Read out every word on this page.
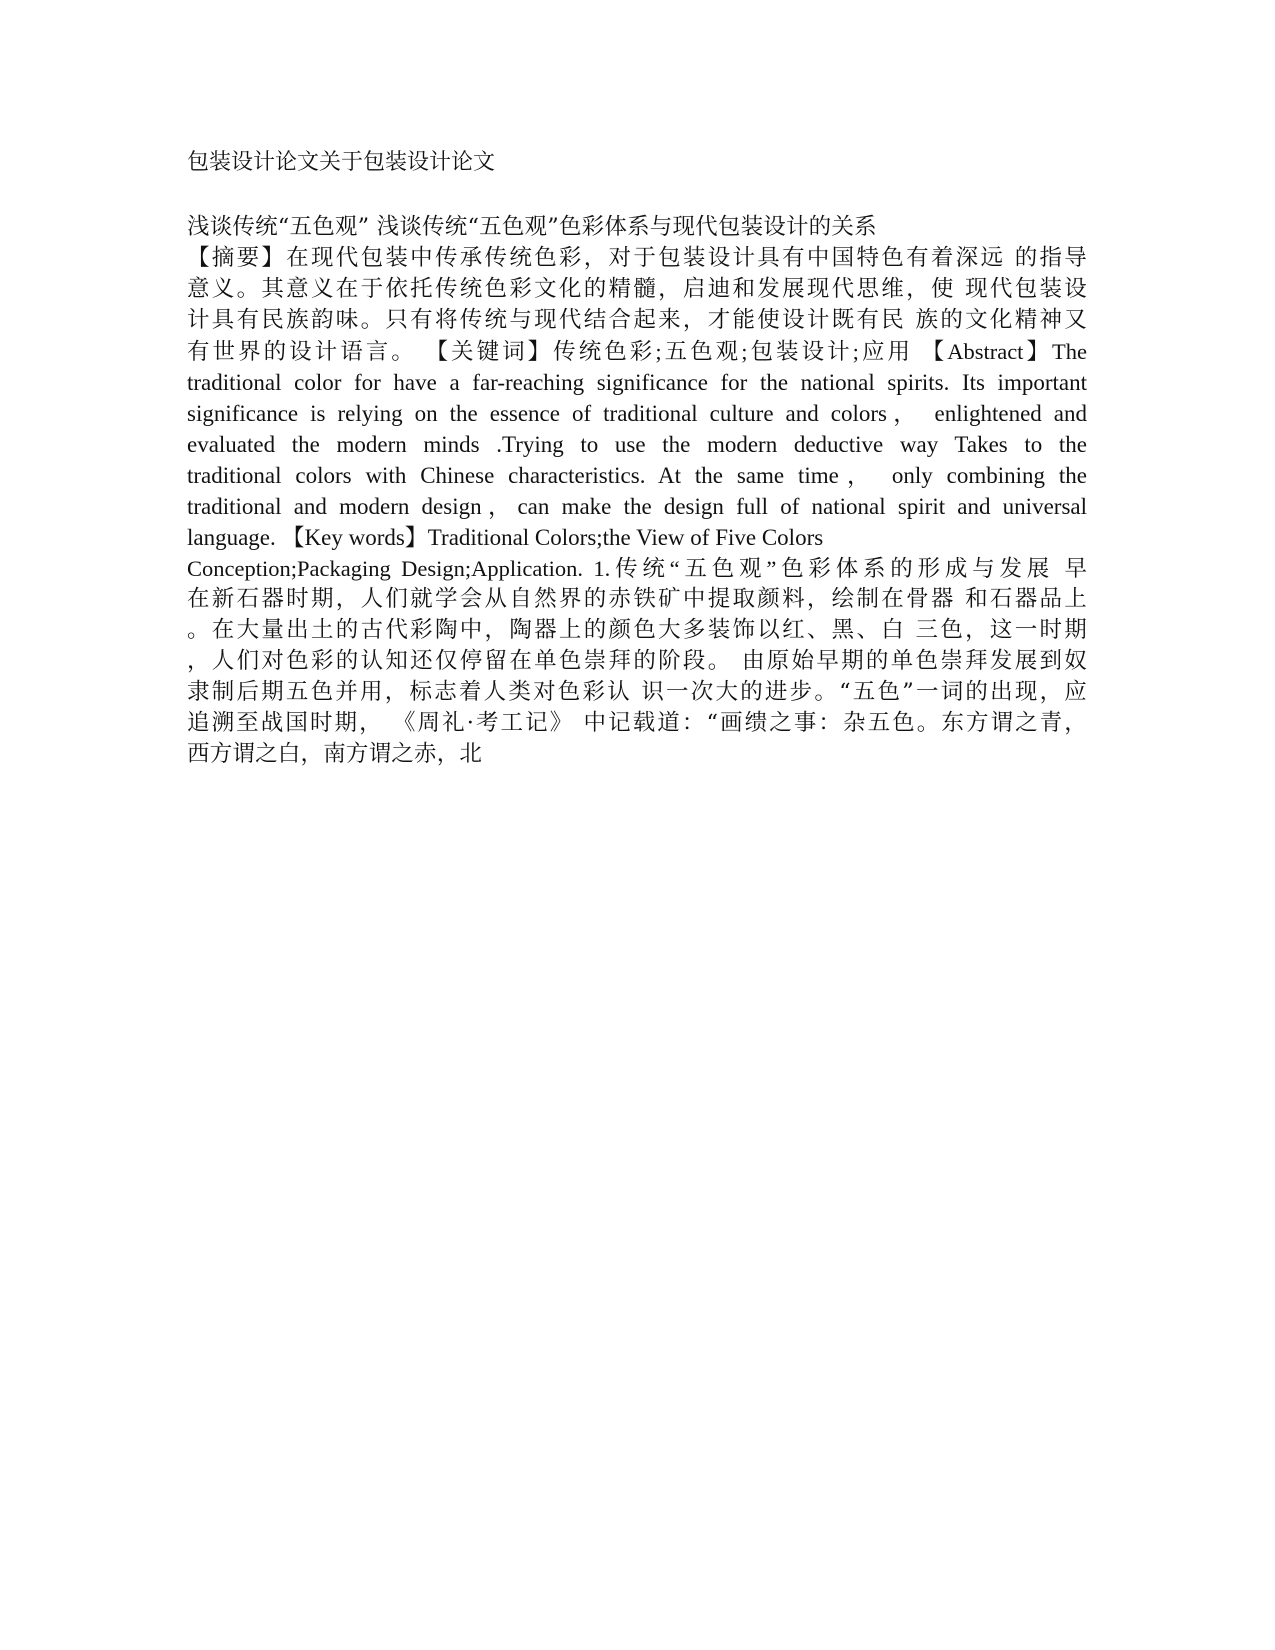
包装设计论文关于包装设计论文
浅谈传统“五色观” 浅谈传统“五色观”色彩体系与现代包装设计的关系
【摘要】在现代包装中传承传统色彩，对于包装设计具有中国特色有着深远 的指导
意义。其意义在于依托传统色彩文化的精髓，启迪和发展现代思维，使 现代包装设
计具有民族韵味。只有将传统与现代结合起来，才能使设计既有民 族的文化精神又
有世界的设计语言。 【关键词】传统色彩;五色观;包装设计;应用 【Abstract】The
traditional color for have a far-reaching significance for the national spirits. Its important
significance is relying on the essence of traditional culture and colors， enlightened and
evaluated the modern minds .Trying to use the modern deductive way Takes to the
traditional colors with Chinese characteristics. At the same time， only combining the
traditional and modern design，can make the design full of national spirit and universal
language. 【Key words】Traditional Colors;the View of Five Colors
Conception;Packaging Design;Application. 1.传统“五色观”色彩体系的形成与发展 早
在新石器时期，人们就学会从自然界的赤铁矿中提取颜料，绘制在骨器 和石器品上
。在大量出土的古代彩陶中，陶器上的颜色大多装饰以红、黑、白 三色，这一时期
，人们对色彩的认知还仅停留在单色崇拜的阶段。 由原始早期的单色崇拜发展到奴
隶制后期五色并用，标志着人类对色彩认 识一次大的进步。“五色”一词的出现，应
追溯至战国时期， 《周礼·考工记》 中记载道：“画缋之事：杂五色。东方谓之青，
西方谓之白，南方谓之赤，北
